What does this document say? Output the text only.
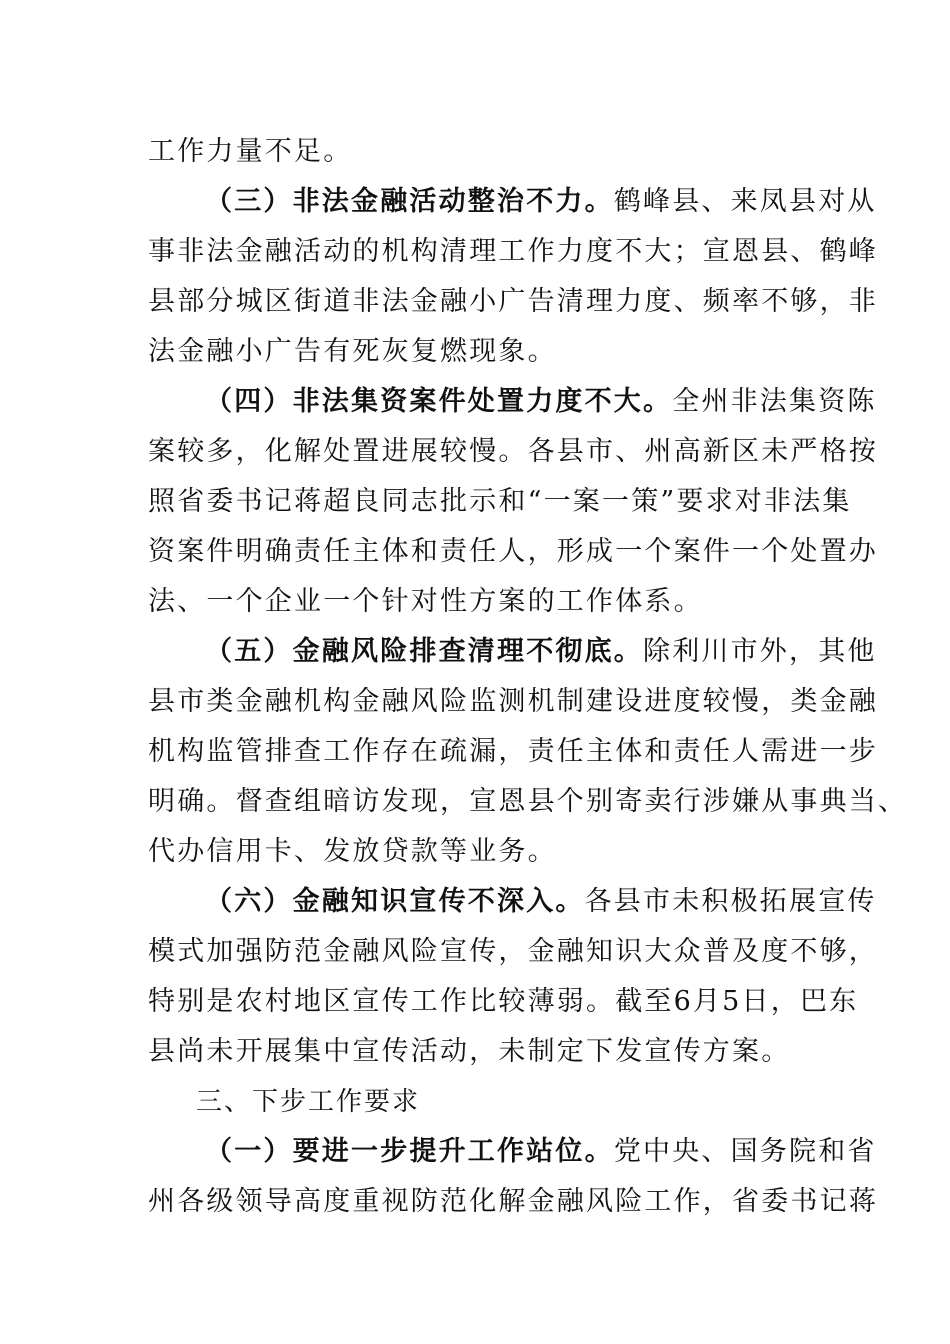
工作力量不足。
（三）非法金融活动整治不力。鹤峰县、来凤县对从
事非法金融活动的机构清理工作力度不大；宣恩县、鹤峰
县部分城区街道非法金融小广告清理力度、频率不够，非
法金融小广告有死灰复燃现象。
（四）非法集资案件处置力度不大。全州非法集资陈
案较多，化解处置进展较慢。各县市、州高新区未严格按
照省委书记蒋超良同志批示和“一案一策”要求对非法集
资案件明确责任主体和责任人，形成一个案件一个处置办
法、一个企业一个针对性方案的工作体系。
（五）金融风险排查清理不彻底。除利川市外，其他
县市类金融机构金融风险监测机制建设进度较慢，类金融
机构监管排查工作存在疏漏，责任主体和责任人需进一步
明确。督查组暗访发现，宣恩县个别寄卖行涉嫌从事典当、
代办信用卡、发放贷款等业务。
（六）金融知识宣传不深入。各县市未积极拓展宣传
模式加强防范金融风险宣传，金融知识大众普及度不够，
特别是农村地区宣传工作比较薄弱。截至6月5日，巴东
县尚未开展集中宣传活动，未制定下发宣传方案。
三、下步工作要求
（一）要进一步提升工作站位。党中央、国务院和省
州各级领导高度重视防范化解金融风险工作，省委书记蒋
